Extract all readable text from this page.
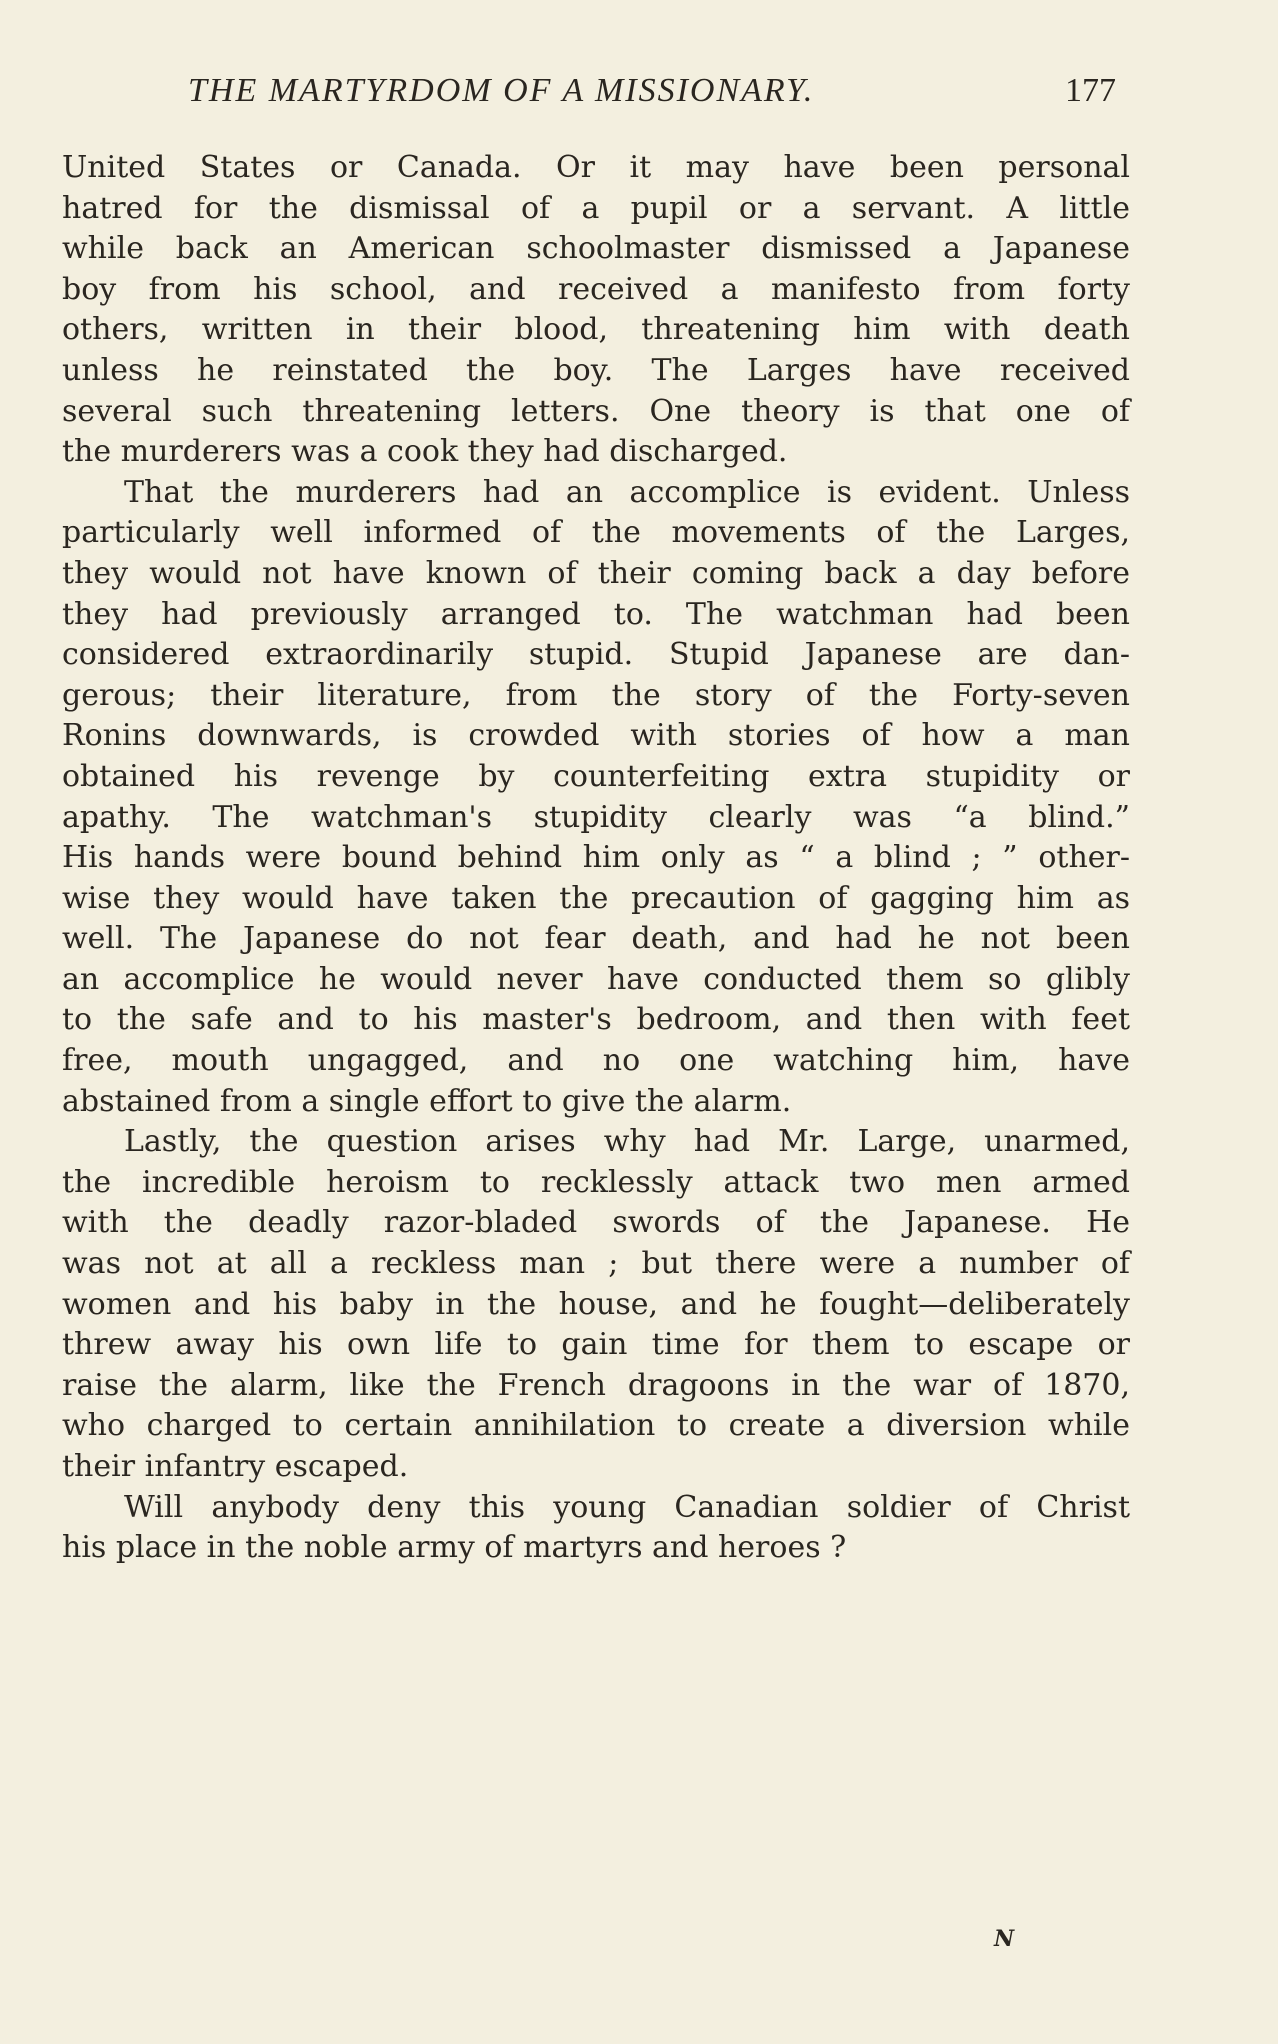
THE MARTYRDOM OF A MISSIONARY.	177
United States or Canada. Or it may have been personal
hatred for the dismissal of a pupil or a servant. A little
while back an American schoolmaster dismissed a Japanese
boy from his school, and received a manifesto from forty
others, written in their blood, threatening him with death
unless he reinstated the boy. The Larges have received
several such threatening letters. One theory is that one of
the murderers was a cook they had discharged.
That the murderers had an accomplice is evident. Unless
particularly well informed of the movements of the Larges,
they would not have known of their coming back a day before
they had previously arranged to. The watchman had been
considered extraordinarily stupid. Stupid Japanese are dan-
gerous; their literature, from the story of the Forty-seven
Ronins downwards, is crowded with stories of how a man
obtained his revenge by counterfeiting extra stupidity or
apathy. The watchman's stupidity clearly was “a blind.”
His hands were bound behind him only as “ a blind ; ” other-
wise they would have taken the precaution of gagging him as
well. The Japanese do not fear death, and had he not been
an accomplice he would never have conducted them so glibly
to the safe and to his master's bedroom, and then with feet
free, mouth ungagged, and no one watching him, have
abstained from a single effort to give the alarm.
Lastly, the question arises why had Mr. Large, unarmed,
the incredible heroism to recklessly attack two men armed
with the deadly razor-bladed swords of the Japanese. He
was not at all a reckless man ; but there were a number of
women and his baby in the house, and he fought—deliberately
threw away his own life to gain time for them to escape or
raise the alarm, like the French dragoons in the war of 1870,
who charged to certain annihilation to create a diversion while
their infantry escaped.
Will anybody deny this young Canadian soldier of Christ
his place in the noble army of martyrs and heroes ?
N
